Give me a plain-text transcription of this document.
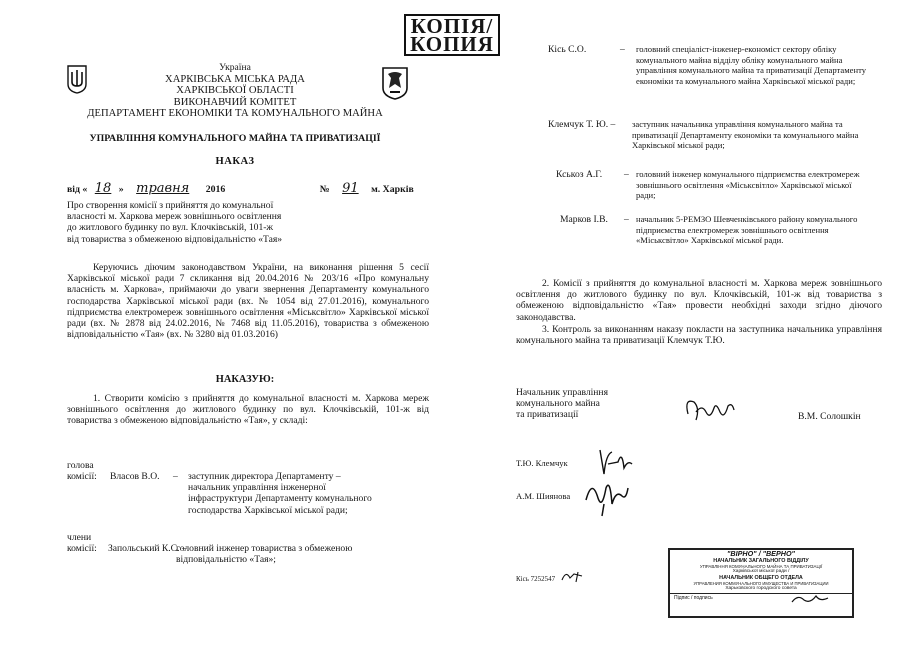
КОПІЯ/
КОПИЯ
Україна
ХАРКІВСЬКА МІСЬКА РАДА
ХАРКІВСЬКОЇ ОБЛАСТІ
ВИКОНАВЧИЙ КОМІТЕТ
ДЕПАРТАМЕНТ ЕКОНОМІКИ ТА КОМУНАЛЬНОГО МАЙНА
УПРАВЛІННЯ КОМУНАЛЬНОГО МАЙНА ТА ПРИВАТИЗАЦІЇ
НАКАЗ
від « 18 » травня 2016	№ 91 м. Харків
Про створення комісії з прийняття до комунальної
власності м. Харкова мереж зовнішнього освітлення
до житлового будинку по вул. Клочківській, 101-ж
від товариства з обмеженою відповідальністю «Тая»
Керуючись діючим законодавством України, на виконання рішення 5 сесії Харківської міської ради 7 скликання від 20.04.2016 № 203/16 «Про комунальну власність м. Харкова», приймаючи до уваги звернення Департаменту комунального господарства Харківської міської ради (вх. № 1054 від 27.01.2016), комунального підприємства електромереж зовнішнього освітлення «Міськсвітло» Харківської міської ради (вх. № 2878 від 24.02.2016, № 7468 від 11.05.2016), товариства з обмеженою відповідальністю «Тая» (вх. № 3280 від 01.03.2016)
НАКАЗУЮ:
1. Створити комісію з прийняття до комунальної власності м. Харкова мереж зовнішнього освітлення до житлового будинку по вул. Клочківській, 101-ж від товариства з обмеженою відповідальністю «Тая», у складі:
голова
комісії:	Власов В.О.	– заступник директора Департаменту – начальник управління інженерної інфраструктури Департаменту комунального господарства Харківської міської ради;
члени
комісії:	Запольський К.С. –
головний інженер товариства з обмеженою відповідальністю «Тая»;
Кісь С.О.	– головний спеціаліст-інженер-економіст сектору обліку комунального майна відділу обліку комунального майна управління комунального майна та приватизації Департаменту економіки та комунального майна Харківської міської ради;
Клемчук Т. Ю. –	заступник начальника управління комунального майна та приватизації Департаменту економіки та комунального майна Харківської міської ради;
Кськоз А.Г.	– головний інженер комунального підприємства електромереж зовнішнього освітлення «Міськсвітло» Харківської міської ради;
Марков І.В.	– начальник 5-РЕМЗО Шевченківського району комунального підприємства електромереж зовнішнього освітлення «Міськсвітло» Харківської міської ради.
2. Комісії з прийняття до комунальної власності м. Харкова мереж зовнішнього освітлення до житлового будинку по вул. Клочківській, 101-ж від товариства з обмеженою відповідальністю «Тая» провести необхідні заходи згідно діючого законодавства.
3. Контроль за виконанням наказу покласти на заступника начальника управління комунального майна та приватизації Клемчук Т.Ю.
Начальник управління
комунального майна
та приватизації	В.М. Солошкін
Т.Ю. Клемчук
А.М. Шиянова
Кісь 7252547
"ВІРНО" / "ВЕРНО"
НАЧАЛЬНИК ЗАГАЛЬНОГО ВІДДІЛУ
УПРАВЛІННЯ КОМУНАЛЬНОГО МАЙНА ТА ПРИВАТИЗАЦІЇ
Харківської міської ради /
НАЧАЛЬНИК ОБЩЕГО ОТДЕЛА
УПРАВЛЕНИЯ КОММУНАЛЬНОГО ИМУЩЕСТВА И ПРИВАТИЗАЦИИ
Харьковского городского совета
Підпис / подпись
